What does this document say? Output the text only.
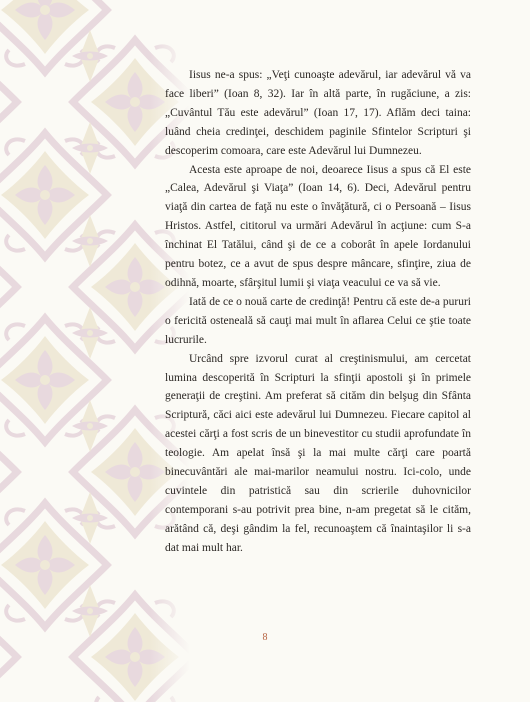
Iisus ne-a spus: „Veţi cunoaşte adevărul, iar adevărul vă va face liberi” (Ioan 8, 32). Iar în altă parte, în rugăciune, a zis: „Cuvântul Tău este adevărul” (Ioan 17, 17). Aflăm deci taina: luând cheia credinţei, deschidem paginile Sfintelor Scripturi şi descoperim comoara, care este Adevărul lui Dumnezeu.

Acesta este aproape de noi, deoarece Iisus a spus că El este „Calea, Adevărul şi Viaţa” (Ioan 14, 6). Deci, Adevărul pentru viaţă din cartea de faţă nu este o învăţătură, ci o Persoană – Iisus Hristos. Astfel, cititorul va urmări Adevărul în acţiune: cum S-a închinat El Tatălui, când şi de ce a coborât în apele Iordanului pentru botez, ce a avut de spus despre mâncare, sfinţire, ziua de odihnă, moarte, sfârşitul lumii şi viaţa veacului ce va să vie.

Iată de ce o nouă carte de credinţă! Pentru că este de-a pururi o fericită osteneală să cauţi mai mult în aflarea Celui ce ştie toate lucrurile.

Urcând spre izvorul curat al creştinismului, am cercetat lumina descoperită în Scripturi la sfinţii apostoli şi în primele generaţii de creştini. Am preferat să cităm din belşug din Sfânta Scriptură, căci aici este adevărul lui Dumnezeu. Fiecare capitol al acestei cărţi a fost scris de un binevestitor cu studii aprofundate în teologie. Am apelat însă şi la mai multe cărţi care poartă binecuvântări ale mai-marilor neamului nostru. Ici-colo, unde cuvintele din patristică sau din scrierile duhovnicilor contemporani s-au potrivit prea bine, n-am pregetat să le cităm, arătând că, deşi gândim la fel, recunoaştem că înaintaşilor li s-a dat mai mult har.

8
